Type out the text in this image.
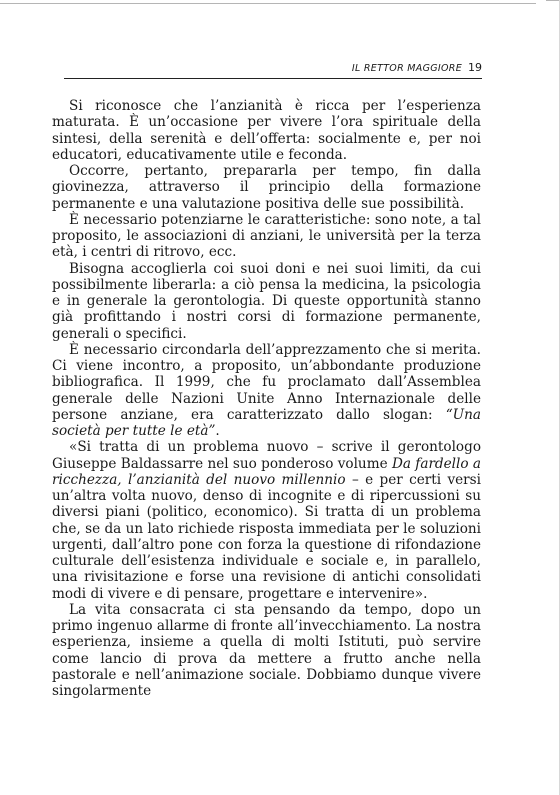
IL RETTOR MAGGIORE 19

Si riconosce che l’anzianità è ricca per l’esperienza maturata. È un’occasione per vivere l’ora spirituale della sintesi, della serenità e dell’offerta: socialmente e, per noi educatori, educativamente utile e feconda.

Occorre, pertanto, prepararla per tempo, fin dalla giovinezza, attraverso il principio della formazione permanente e una valutazione positiva delle sue possibilità.

È necessario potenziarne le caratteristiche: sono note, a tal proposito, le associazioni di anziani, le università per la terza età, i centri di ritrovo, ecc.

Bisogna accoglierla coi suoi doni e nei suoi limiti, da cui possibilmente liberarla: a ciò pensa la medicina, la psicologia e in generale la gerontologia. Di queste opportunità stanno già profittando i nostri corsi di formazione permanente, generali o specifici.

È necessario circondarla dell’apprezzamento che si merita. Ci viene incontro, a proposito, un’abbondante produzione bibliografica. Il 1999, che fu proclamato dall’Assemblea generale delle Nazioni Unite Anno Internazionale delle persone anziane, era caratterizzato dallo slogan: “Una società per tutte le età”.

«Si tratta di un problema nuovo – scrive il gerontologo Giuseppe Baldassarre nel suo ponderoso volume Da fardello a ricchezza, l’anzianità del nuovo millennio – e per certi versi un’altra volta nuovo, denso di incognite e di ripercussioni su diversi piani (politico, economico). Si tratta di un problema che, se da un lato richiede risposta immediata per le soluzioni urgenti, dall’altro pone con forza la questione di rifondazione culturale dell’esistenza individuale e sociale e, in parallelo, una rivisitazione e forse una revisione di antichi consolidati modi di vivere e di pensare, progettare e intervenire».

La vita consacrata ci sta pensando da tempo, dopo un primo ingenuo allarme di fronte all’invecchiamento. La nostra esperienza, insieme a quella di molti Istituti, può servire come lancio di prova da mettere a frutto anche nella pastorale e nell’animazione sociale. Dobbiamo dunque vivere singolarmente
